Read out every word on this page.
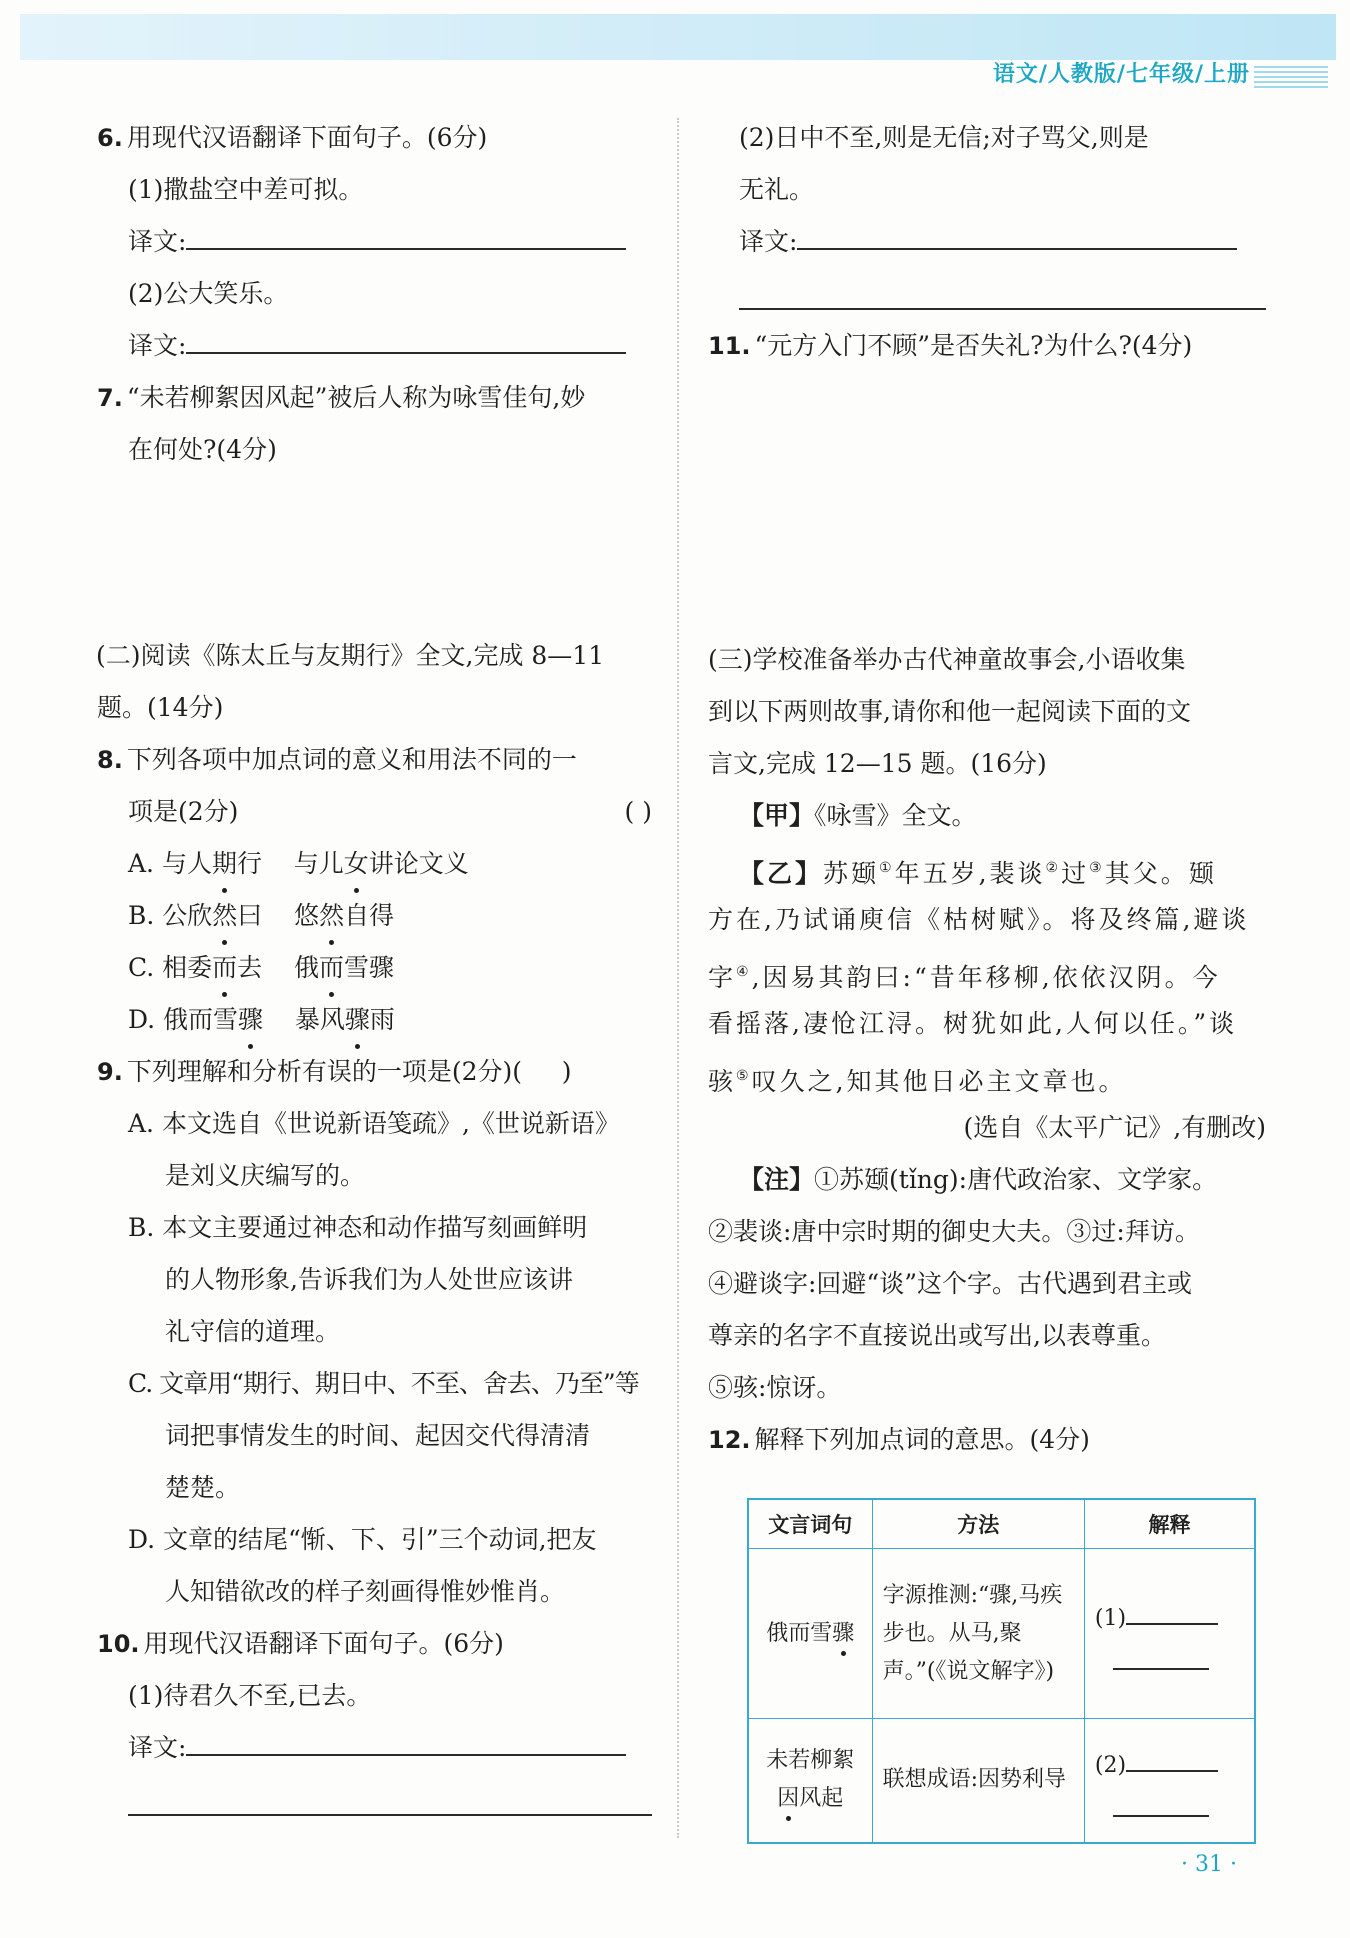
语文/人教版/七年级/上册
6. 用现代汉语翻译下面句子。(6分)
(1)撒盐空中差可拟。
译文:
(2)公大笑乐。
译文:
7. “未若柳絮因风起”被后人称为咏雪佳句,妙
在何处?(4分)
(二)阅读《陈太丘与友期行》全文,完成 8—11
题。(14分)
8. 下列各项中加点词的意义和用法不同的一
项是(2分)	( )
A. 与人期行    与儿女讲论文义
B. 公欣然曰    悠然自得
C. 相委而去    俄而雪骤
D. 俄而雪骤    暴风骤雨
9. 下列理解和分析有误的一项是(2分)(     )
A. 本文选自《世说新语笺疏》,《世说新语》
是刘义庆编写的。
B. 本文主要通过神态和动作描写刻画鲜明
的人物形象,告诉我们为人处世应该讲
礼守信的道理。
C. 文章用“期行、期日中、不至、舍去、乃至”等
词把事情发生的时间、起因交代得清清
楚楚。
D. 文章的结尾“惭、下、引”三个动词,把友
人知错欲改的样子刻画得惟妙惟肖。
10. 用现代汉语翻译下面句子。(6分)
(1)待君久不至,已去。
译文:
(2)日中不至,则是无信;对子骂父,则是
无礼。
译文:
11. “元方入门不顾”是否失礼?为什么?(4分)
(三)学校准备举办古代神童故事会,小语收集
到以下两则故事,请你和他一起阅读下面的文
言文,完成 12—15 题。(16分)
【甲】《咏雪》全文。
【乙】苏颋①年五岁,裴谈②过③其父。颋
方在,乃试诵庾信《枯树赋》。将及终篇,避谈
字④,因易其韵曰:“昔年移柳,依依汉阴。今
看摇落,凄怆江浔。树犹如此,人何以任。”谈
骇⑤叹久之,知其他日必主文章也。
(选自《太平广记》,有删改)
【注】①苏颋(tǐng):唐代政治家、文学家。
②裴谈:唐中宗时期的御史大夫。③过:拜访。
④避谈字:回避“谈”这个字。古代遇到君主或
尊亲的名字不直接说出或写出,以表尊重。
⑤骇:惊讶。
12. 解释下列加点词的意思。(4分)
文言词句	方法	解释
俄而雪骤	字源推测:“骤,马疾步也。从马,聚声。”(《说文解字》)	(1)

未若柳絮因风起	联想成语:因势利导	(2)
· 31 ·
